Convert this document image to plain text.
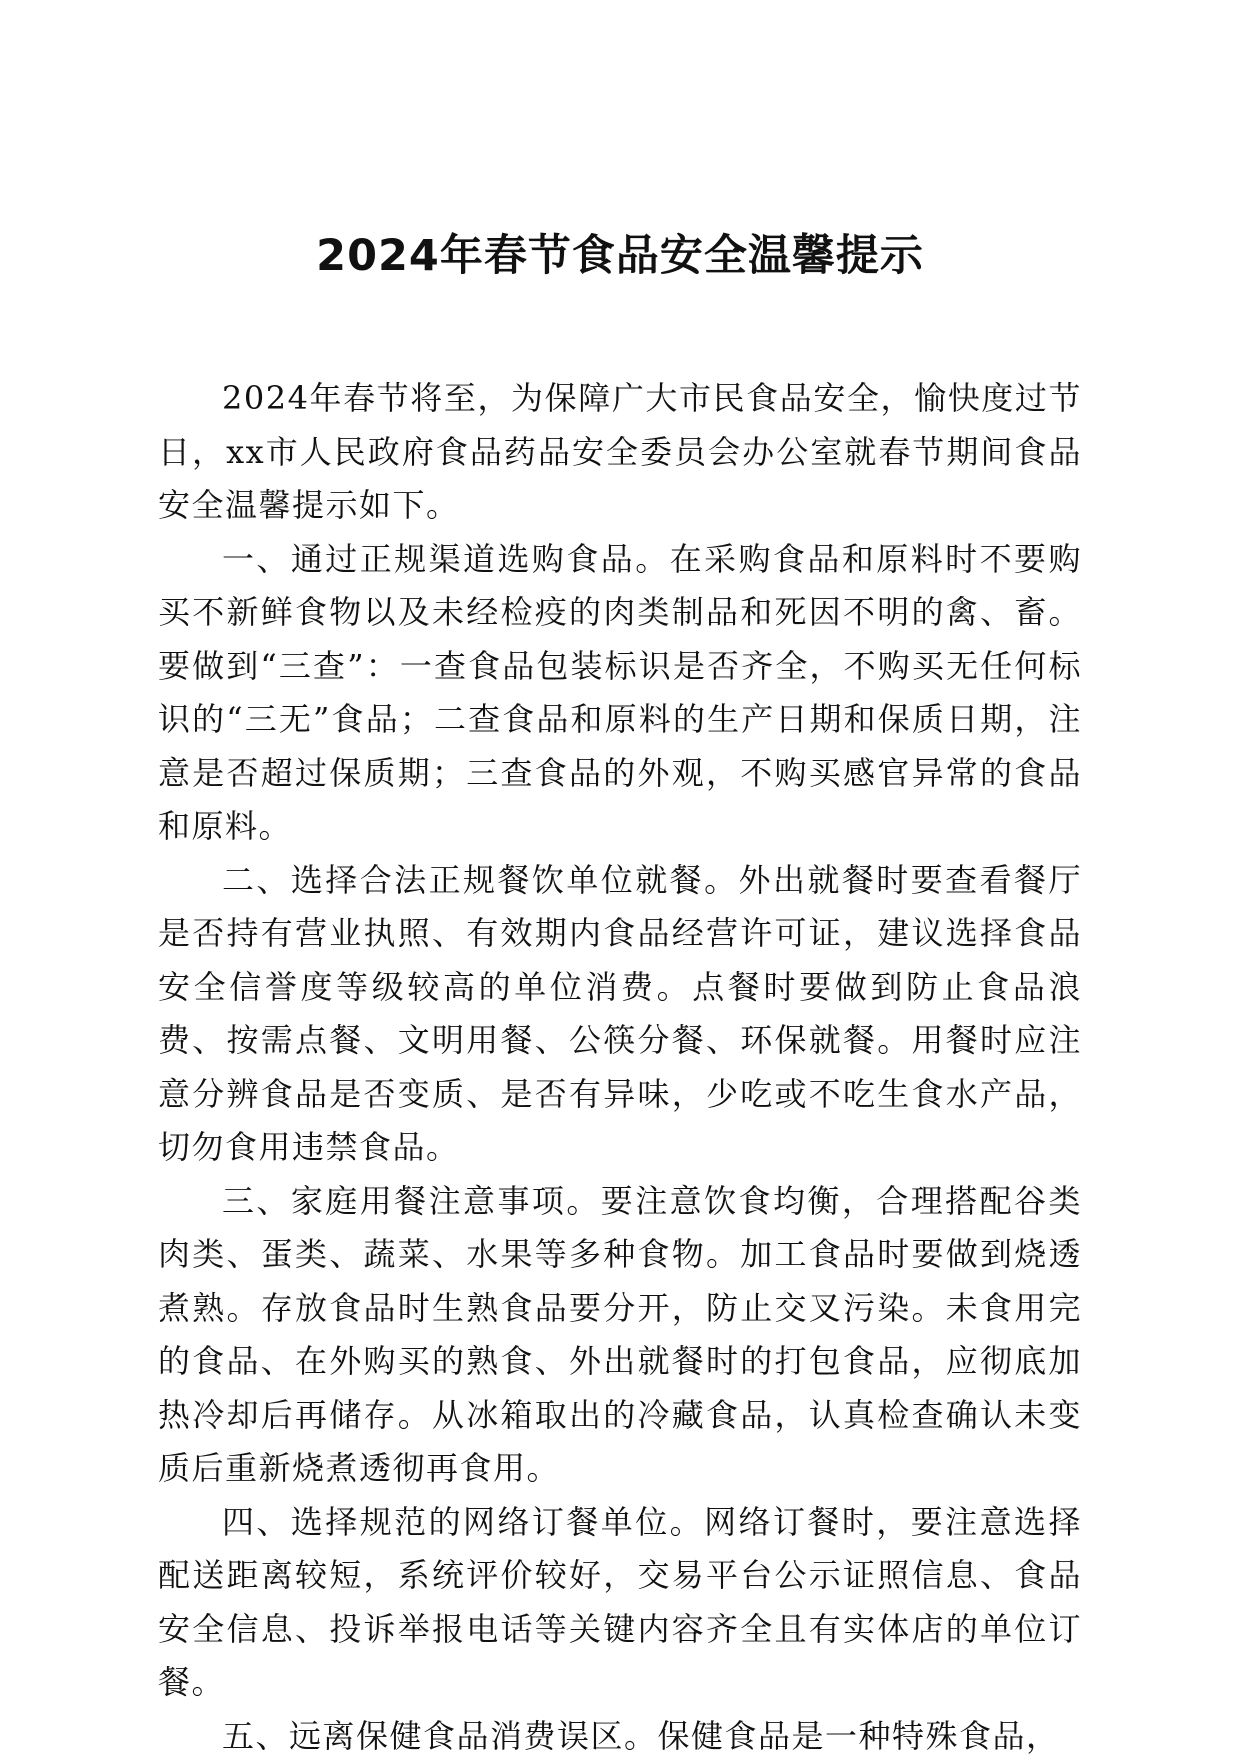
2024年春节食品安全温馨提示

2024年春节将至，为保障广大市民食品安全，愉快度过节日，xx市人民政府食品药品安全委员会办公室就春节期间食品安全温馨提示如下。

一、通过正规渠道选购食品。在采购食品和原料时不要购买不新鲜食物以及未经检疫的肉类制品和死因不明的禽、畜。要做到“三查”：一查食品包装标识是否齐全，不购买无任何标识的“三无”食品；二查食品和原料的生产日期和保质日期，注意是否超过保质期；三查食品的外观，不购买感官异常的食品和原料。

二、选择合法正规餐饮单位就餐。外出就餐时要查看餐厅是否持有营业执照、有效期内食品经营许可证，建议选择食品安全信誉度等级较高的单位消费。点餐时要做到防止食品浪费、按需点餐、文明用餐、公筷分餐、环保就餐。用餐时应注意分辨食品是否变质、是否有异味，少吃或不吃生食水产品，切勿食用违禁食品。

三、家庭用餐注意事项。要注意饮食均衡，合理搭配谷类肉类、蛋类、蔬菜、水果等多种食物。加工食品时要做到烧透煮熟。存放食品时生熟食品要分开，防止交叉污染。未食用完的食品、在外购买的熟食、外出就餐时的打包食品，应彻底加热冷却后再储存。从冰箱取出的冷藏食品，认真检查确认未变质后重新烧煮透彻再食用。

四、选择规范的网络订餐单位。网络订餐时，要注意选择配送距离较短，系统评价较好，交易平台公示证照信息、食品安全信息、投诉举报电话等关键内容齐全且有实体店的单位订餐。

五、远离保健食品消费误区。保健食品是一种特殊食品，
